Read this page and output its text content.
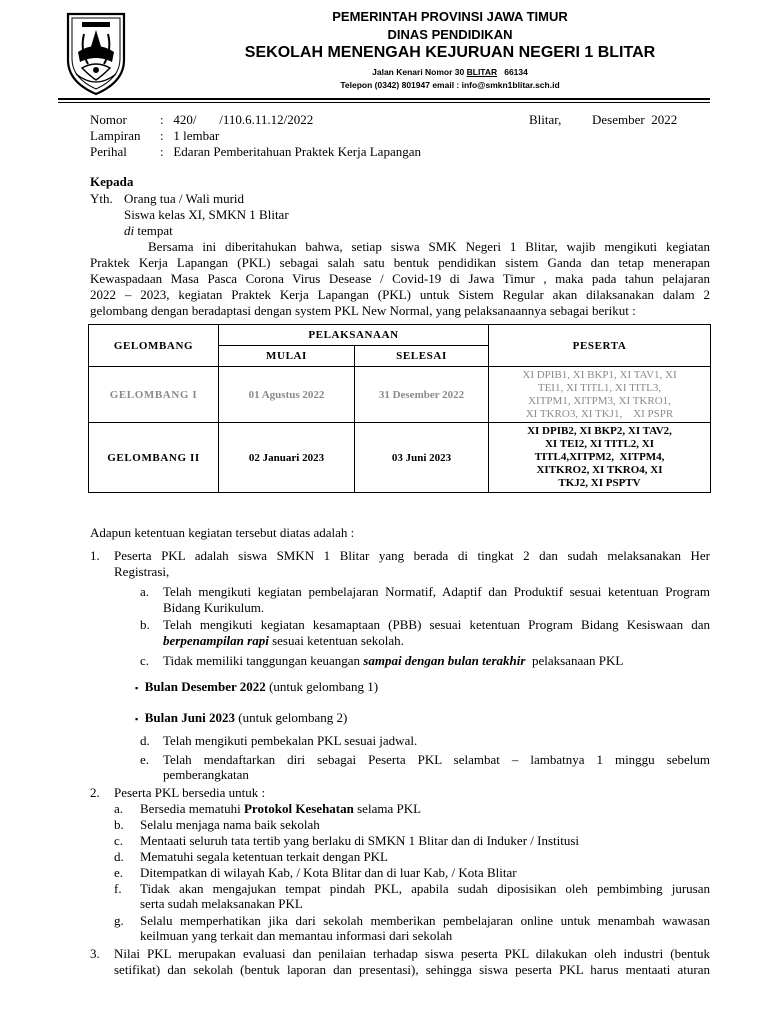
PEMERINTAH PROVINSI JAWA TIMUR
DINAS PENDIDIKAN
SEKOLAH MENENGAH KEJURUAN NEGERI 1 BLITAR
Jalan Kenari Nomor 30 BLITAR   66134
Telepon (0342) 801947 email : info@smkn1blitar.sch.id
Nomor	:   420/       /110.6.11.12/2022	Blitar, Desember  2022
Lampiran :   1 lembar
Perihal	:   Edaran Pemberitahuan Praktek Kerja Lapangan
Kepada
Yth. Orang tua / Wali murid
Siswa kelas XI, SMKN 1 Blitar
di tempat
Bersama ini diberitahukan bahwa, setiap siswa SMK Negeri 1 Blitar, wajib mengikuti kegiatan
Praktek Kerja Lapangan (PKL) sebagai salah satu bentuk pendidikan sistem Ganda dan tetap menerapan
Kewaspadaan Masa Pasca Corona Virus Desease / Covid-19 di Jawa Timur , maka pada tahun pelajaran
2022 – 2023, kegiatan Praktek Kerja Lapangan (PKL) untuk Sistem Regular akan dilaksanakan dalam 2
gelombang dengan beradaptasi dengan system PKL New Normal, yang pelaksanaannya sebagai berikut :
GELOMBANG	PELAKSANAAN		PESERTA
	MULAI	SELESAI	
GELOMBANG I	01 Agustus 2022	31 Desember 2022	XI DPIB1, XI BKP1, XI TAV1, XI
TEI1, XI TITL1, XI TITL3,
XITPM1, XITPM3, XI TKRO1,
XI TKRO3, XI TKJ1,    XI PSPR

GELOMBANG II	02 Januari 2023	03 Juni 2023	XI DPIB2, XI BKP2, XI TAV2,
XI TEI2, XI TITL2, XI
TITL4,XITPM2,  XITPM4,
XITKRO2, XI TKRO4, XI
TKJ2, XI PSPTV
Adapun ketentuan kegiatan tersebut diatas adalah :
1. Peserta PKL adalah siswa SMKN 1 Blitar yang berada di tingkat 2 dan sudah melaksanakan Her
Registrasi,
a. Telah mengikuti kegiatan pembelajaran Normatif, Adaptif dan Produktif sesuai ketentuan Program
Bidang Kurikulum.
b. Telah mengikuti kegiatan kesamaptaan (PBB) sesuai ketentuan Program Bidang Kesiswaan dan
berpenampilan rapi sesuai ketentuan sekolah.
c. Tidak memiliki tanggungan keuangan sampai dengan bulan terakhir  pelaksanaan PKL
▪ Bulan Desember 2022 (untuk gelombang 1)
▪ Bulan Juni 2023 (untuk gelombang 2)
d. Telah mengikuti pembekalan PKL sesuai jadwal.
e. Telah mendaftarkan diri sebagai Peserta PKL selambat – lambatnya 1 minggu sebelum
pemberangkatan
2. Peserta PKL bersedia untuk :
a. Bersedia mematuhi Protokol Kesehatan selama PKL
b. Selalu menjaga nama baik sekolah
c. Mentaati seluruh tata tertib yang berlaku di SMKN 1 Blitar dan di Induker / Institusi
d. Mematuhi segala ketentuan terkait dengan PKL
e. Ditempatkan di wilayah Kab, / Kota Blitar dan di luar Kab, / Kota Blitar
f. Tidak akan mengajukan tempat pindah PKL, apabila sudah diposisikan oleh pembimbing jurusan
serta sudah melaksanakan PKL
g. Selalu memperhatikan jika dari sekolah memberikan pembelajaran online untuk menambah wawasan
keilmuan yang terkait dan memantau informasi dari sekolah
3. Nilai PKL merupakan evaluasi dan penilaian terhadap siswa peserta PKL dilakukan oleh industri (bentuk
setifikat) dan sekolah (bentuk laporan dan presentasi), sehingga siswa peserta PKL harus mentaati aturan
